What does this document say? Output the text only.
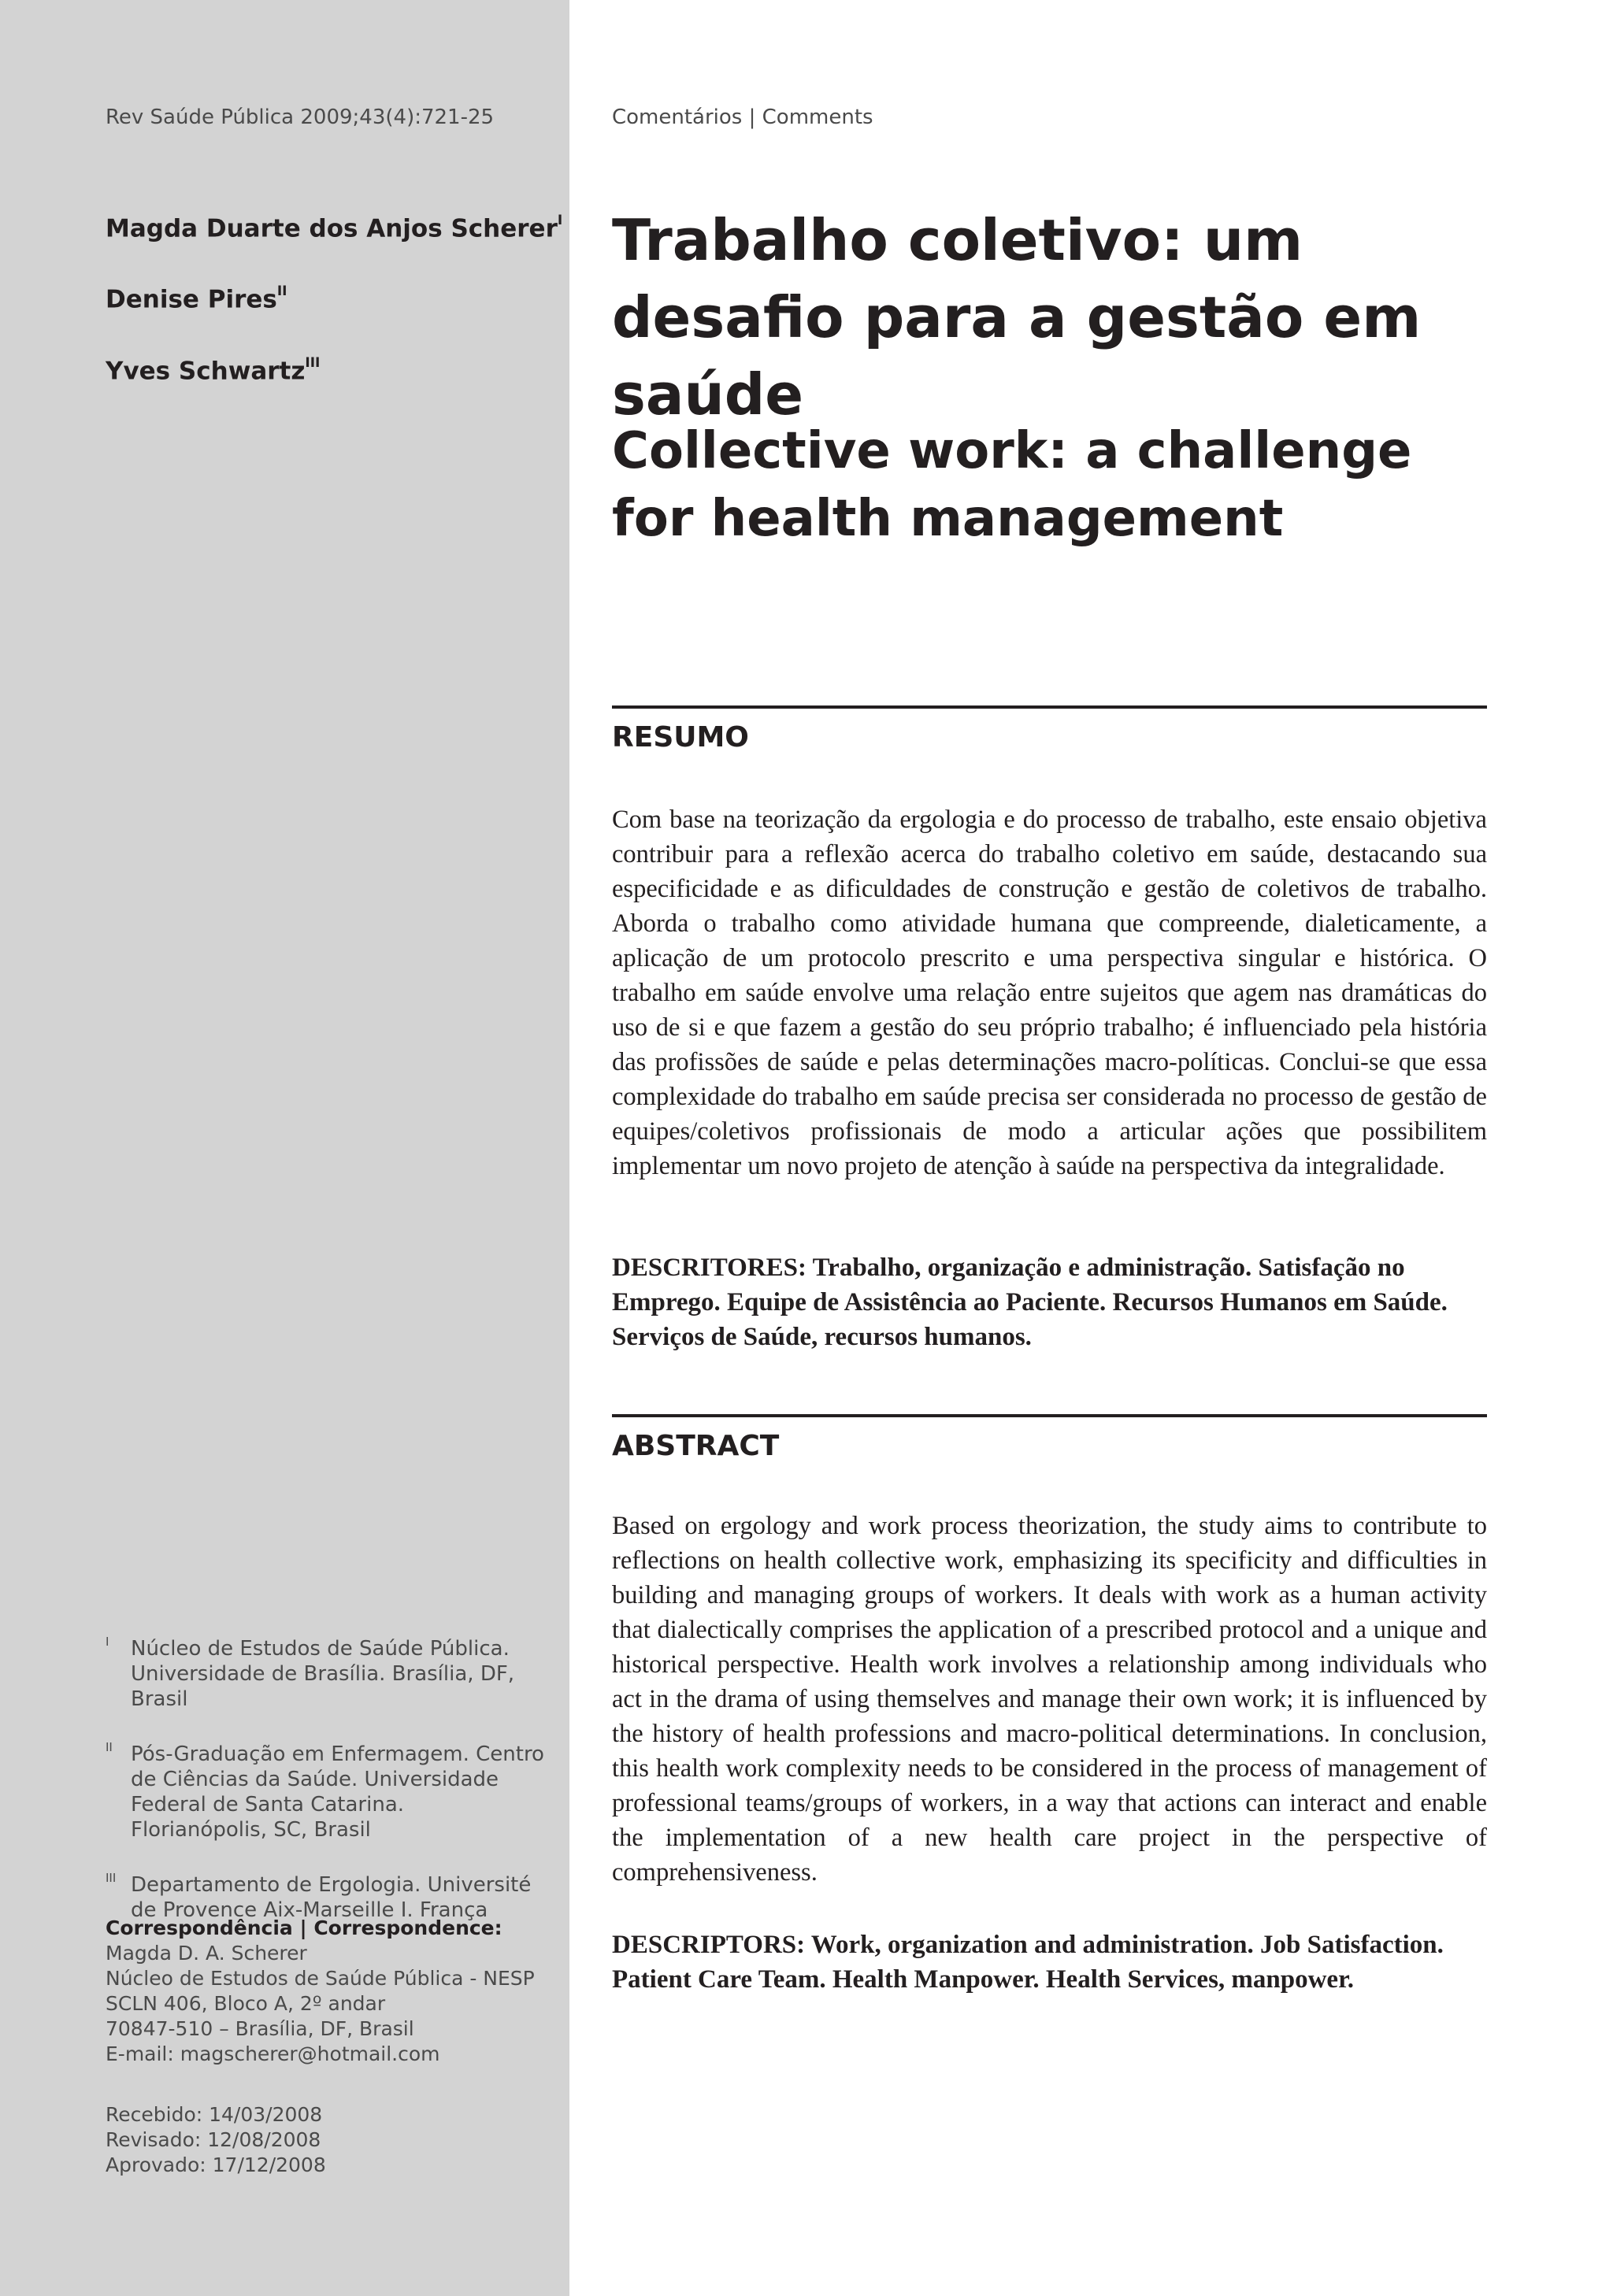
Rev Saúde Pública 2009;43(4):721-25	Comentários | Comments
Magda Duarte dos Anjos Scherer$^I$
Denise Pires$^{II}$
Yves Schwartz$^{III}$
Trabalho coletivo: um desafio para a gestão em saúde
Collective work: a challenge for health management
RESUMO

Com base na teorização da ergologia e do processo de trabalho, este ensaio objetiva contribuir para a reflexão acerca do trabalho coletivo em saúde, destacando sua especificidade e as dificuldades de construção e gestão de coletivos de trabalho. Aborda o trabalho como atividade humana que compreende, dialeticamente, a aplicação de um protocolo prescrito e uma perspectiva singular e histórica. O trabalho em saúde envolve uma relação entre sujeitos que agem nas dramáticas do uso de si e que fazem a gestão do seu próprio trabalho; é influenciado pela história das profissões de saúde e pelas determinações macro-políticas. Conclui-se que essa complexidade do trabalho em saúde precisa ser considerada no processo de gestão de equipes/coletivos profissionais de modo a articular ações que possibilitem implementar um novo projeto de atenção à saúde na perspectiva da integralidade.

DESCRITORES: Trabalho, organização e administração. Satisfação no Emprego. Equipe de Assistência ao Paciente. Recursos Humanos em Saúde. Serviços de Saúde, recursos humanos.

ABSTRACT

Based on ergology and work process theorization, the study aims to contribute to reflections on health collective work, emphasizing its specificity and difficulties in building and managing groups of workers. It deals with work as a human activity that dialectically comprises the application of a prescribed protocol and a unique and historical perspective. Health work involves a relationship among individuals who act in the drama of using themselves and manage their own work; it is influenced by the history of health professions and macro-political determinations. In conclusion, this health work complexity needs to be considered in the process of management of professional teams/groups of workers, in a way that actions can interact and enable the implementation of a new health care project in the perspective of comprehensiveness.

DESCRIPTORS: Work, organization and administration. Job Satisfaction. Patient Care Team. Health Manpower. Health Services, manpower.

I Núcleo de Estudos de Saúde Pública. Universidade de Brasília. Brasília, DF, Brasil
II Pós-Graduação em Enfermagem. Centro de Ciências da Saúde. Universidade Federal de Santa Catarina. Florianópolis, SC, Brasil
III Departamento de Ergologia. Université de Provence Aix-Marseille I. França
Correspondência | Correspondence:
Magda D. A. Scherer
Núcleo de Estudos de Saúde Pública - NESP
SCLN 406, Bloco A, 2º andar
70847-510 – Brasília, DF, Brasil
E-mail: magscherer@hotmail.com
Recebido: 14/03/2008
Revisado: 12/08/2008
Aprovado: 17/12/2008
